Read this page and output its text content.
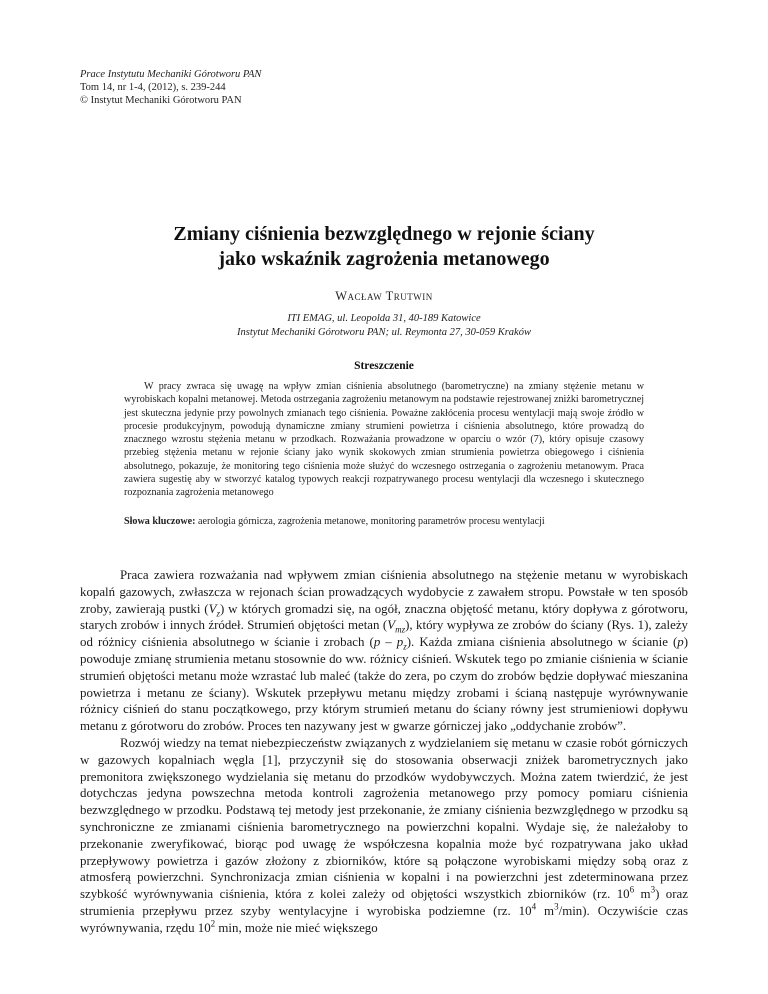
Prace Instytutu Mechaniki Górotworu PAN
Tom 14, nr 1-4, (2012), s. 239-244
© Instytut Mechaniki Górotworu PAN
Zmiany ciśnienia bezwzględnego w rejonie ściany
jako wskaźnik zagrożenia metanowego
Wacław Trutwin
ITI EMAG, ul. Leopolda 31, 40-189 Katowice
Instytut Mechaniki Górotworu PAN; ul. Reymonta 27, 30-059 Kraków
Streszczenie
W pracy zwraca się uwagę na wpływ zmian ciśnienia absolutnego (barometryczne) na zmiany stężenie metanu w wyrobiskach kopalni metanowej. Metoda ostrzegania zagrożeniu metanowym na podstawie rejestrowanej zniżki barometrycznej jest skuteczna jedynie przy powolnych zmianach tego ciśnienia. Poważne zakłócenia procesu wentylacji mają swoje źródło w procesie produkcyjnym, powodują dynamiczne zmiany strumieni powietrza i ciśnienia absolutnego, które prowadzą do znacznego wzrostu stężenia metanu w przodkach. Rozważania prowadzone w oparciu o wzór (7), który opisuje czasowy przebieg stężenia metanu w rejonie ściany jako wynik skokowych zmian strumienia powietrza obiegowego i ciśnienia absolutnego, pokazuje, że monitoring tego ciśnienia może służyć do wczesnego ostrzegania o zagrożeniu metanowym. Praca zawiera sugestię aby w stworzyć katalog typowych reakcji rozpatrywanego procesu wentylacji dla wczesnego i skutecznego rozpoznania zagrożenia metanowego
Słowa kluczowe: aerologia górnicza, zagrożenia metanowe, monitoring parametrów procesu wentylacji

Praca zawiera rozważania nad wpływem zmian ciśnienia absolutnego na stężenie metanu w wyrobiskach kopalń gazowych, zwłaszcza w rejonach ścian prowadzących wydobycie z zawałem stropu. Powstałe w ten sposób zroby, zawierają pustki $(V_z)$ w których gromadzi się, na ogół, znaczna objętość metanu, który dopływa z górotworu, starych zrobów i innych źródeł. Strumień objętości metan $(V_{mz})$, który wypływa ze zrobów do ściany (Rys. 1), zależy od różnicy ciśnienia absolutnego w ścianie i zrobach $(p - p_z)$. Każda zmiana ciśnienia absolutnego w ścianie (p) powoduje zmianę strumienia metanu stosownie do ww. różnicy ciśnień. Wskutek tego po zmianie ciśnienia w ścianie strumień objętości metanu może wzrastać lub maleć (także do zera, po czym do zrobów będzie dopływać mieszanina powietrza i metanu ze ściany). Wskutek przepływu metanu między zrobami i ścianą następuje wyrównywanie różnicy ciśnień do stanu początkowego, przy którym strumień metanu do ściany równy jest strumieniowi dopływu metanu z górotworu do zrobów. Proces ten nazywany jest w gwarze górniczej jako „oddychanie zrobów”.

Rozwój wiedzy na temat niebezpieczeństw związanych z wydzielaniem się metanu w czasie robót górniczych w gazowych kopalniach węgla [1], przyczynił się do stosowania obserwacji zniżek barometrycznych jako premonitora zwiększonego wydzielania się metanu do przodków wydobywczych. Można zatem twierdzić, że jest dotychczas jedyna powszechna metoda kontroli zagrożenia metanowego przy pomocy pomiaru ciśnienia bezwzględnego w przodku. Podstawą tej metody jest przekonanie, że zmiany ciśnienia bezwzględnego w przodku są synchroniczne ze zmianami ciśnienia barometrycznego na powierzchni kopalni. Wydaje się, że należałoby to przekonanie zweryfikować, biorąc pod uwagę że współczesna kopalnia może być rozpatrywana jako układ przepływowy powietrza i gazów złożony z zbiorników, które są połączone wyrobiskami między sobą oraz z atmosferą powierzchni. Synchronizacja zmian ciśnienia w kopalni i na powierzchni jest zdeterminowana przez szybkość wyrównywania ciśnienia, która z kolei zależy od objętości wszystkich zbiorników (rz. $10^6$ $m^3$) oraz strumienia przepływu przez szyby wentylacyjne i wyrobiska podziemne (rz. $10^4$ $m^3/\min$). Oczywiście czas wyrównywania, rzędu $10^2$ min, może nie mieć większego
